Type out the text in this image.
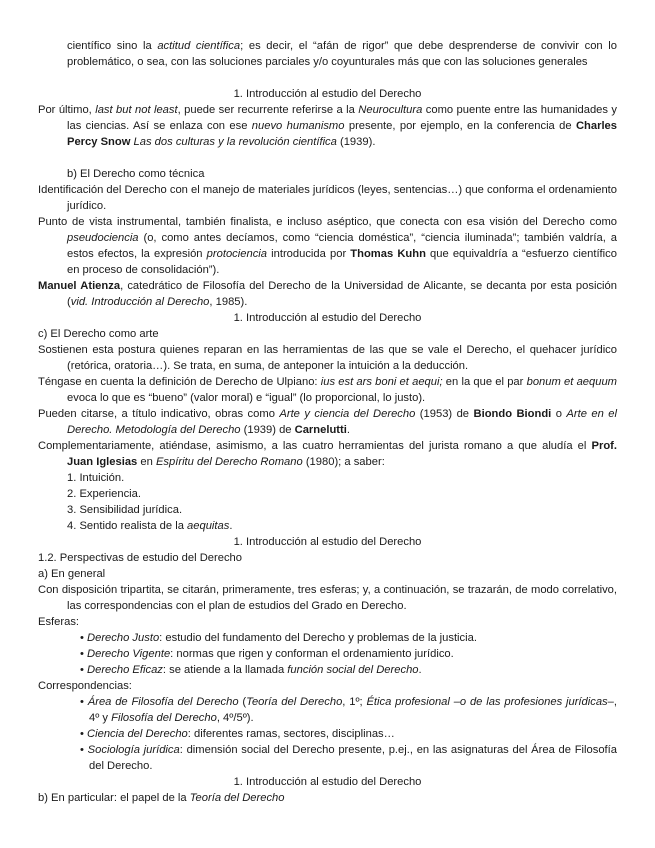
científico sino la actitud científica; es decir, el “afán de rigor” que debe desprenderse de convivir con lo problemático, o sea, con las soluciones parciales y/o coyunturales más que con las soluciones generales

1. Introducción al estudio del Derecho

Por último, last but not least, puede ser recurrente referirse a la Neurocultura como puente entre las humanidades y las ciencias. Así se enlaza con ese nuevo humanismo presente, por ejemplo, en la conferencia de Charles Percy Snow Las dos culturas y la revolución científica (1939).

b) El Derecho como técnica

Identificación del Derecho con el manejo de materiales jurídicos (leyes, sentencias…) que conforma el ordenamiento jurídico.

Punto de vista instrumental, también finalista, e incluso aséptico, que conecta con esa visión del Derecho como pseudociencia (o, como antes decíamos, como “ciencia doméstica”, “ciencia iluminada”; también valdría, a estos efectos, la expresión protociencia introducida por Thomas Kuhn que equivaldría a “esfuerzo científico en proceso de consolidación”).

Manuel Atienza, catedrático de Filosofía del Derecho de la Universidad de Alicante, se decanta por esta posición (vid. Introducción al Derecho, 1985).

1. Introducción al estudio del Derecho

c) El Derecho como arte

Sostienen esta postura quienes reparan en las herramientas de las que se vale el Derecho, el quehacer jurídico (retórica, oratoria…). Se trata, en suma, de anteponer la intuición a la deducción.

Téngase en cuenta la definición de Derecho de Ulpiano: ius est ars boni et aequi; en la que el par bonum et aequum evoca lo que es “bueno” (valor moral) e “igual” (lo proporcional, lo justo).

Pueden citarse, a título indicativo, obras como Arte y ciencia del Derecho (1953) de Biondo Biondi o Arte en el Derecho. Metodología del Derecho (1939) de Carnelutti.

Complementariamente, atiéndase, asimismo, a las cuatro herramientas del jurista romano a que aludía el Prof. Juan Iglesias en Espíritu del Derecho Romano (1980); a saber:

1. Intuición.

2. Experiencia.

3. Sensibilidad jurídica.

4. Sentido realista de la aequitas.

1. Introducción al estudio del Derecho

1.2. Perspectivas de estudio del Derecho

a) En general

Con disposición tripartita, se citarán, primeramente, tres esferas; y, a continuación, se trazarán, de modo correlativo, las correspondencias con el plan de estudios del Grado en Derecho.

Esferas:

• Derecho Justo: estudio del fundamento del Derecho y problemas de la justicia.

• Derecho Vigente: normas que rigen y conforman el ordenamiento jurídico.

• Derecho Eficaz: se atiende a la llamada función social del Derecho.

Correspondencias:

• Área de Filosofía del Derecho (Teoría del Derecho, 1º; Ética profesional –o de las profesiones jurídicas–, 4º y Filosofía del Derecho, 4º/5º).

• Ciencia del Derecho: diferentes ramas, sectores, disciplinas…

• Sociología jurídica: dimensión social del Derecho presente, p.ej., en las asignaturas del Área de Filosofía del Derecho.

1. Introducción al estudio del Derecho

b) En particular: el papel de la Teoría del Derecho
